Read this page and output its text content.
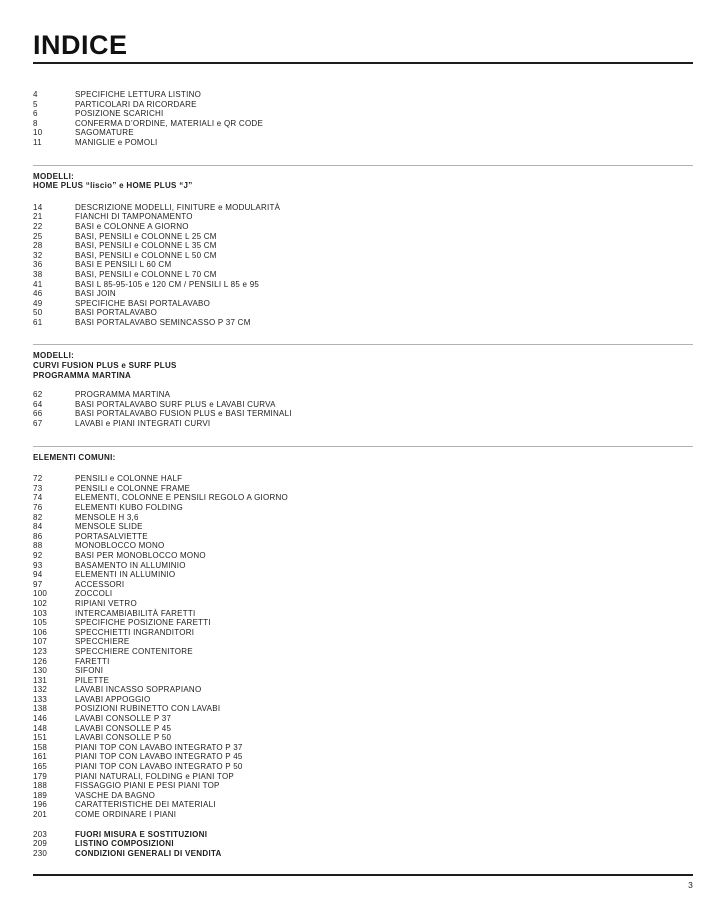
INDICE
4	SPECIFICHE LETTURA LISTINO
5	PARTICOLARI DA RICORDARE
6	POSIZIONE SCARICHI
8	CONFERMA D’ORDINE, MATERIALI e QR CODE
10	SAGOMATURE
11	MANIGLIE e POMOLI
MODELLI:
HOME PLUS “liscio” e HOME PLUS “J”
14	DESCRIZIONE MODELLI, FINITURE e MODULARITÀ
21	FIANCHI DI TAMPONAMENTO
22	BASI e COLONNE A GIORNO
25	BASI, PENSILI e COLONNE L 25 CM
28	BASI, PENSILI e COLONNE L 35 CM
32	BASI, PENSILI e COLONNE L 50 CM
36	BASI E PENSILI L 60 CM
38	BASI, PENSILI e COLONNE L 70 CM
41	BASI L 85-95-105 e 120 CM / PENSILI L 85 e 95
46	BASI JOIN
49	SPECIFICHE BASI PORTALAVABO
50	BASI PORTALAVABO
61	BASI PORTALAVABO SEMINCASSO P 37 CM
MODELLI:
CURVI FUSION PLUS e SURF PLUS
PROGRAMMA MARTINA
62	PROGRAMMA MARTINA
64	BASI PORTALAVABO SURF PLUS e LAVABI CURVA
66	BASI PORTALAVABO FUSION PLUS e BASI TERMINALI
67	LAVABI e PIANI INTEGRATI CURVI
ELEMENTI COMUNI:
72	PENSILI e COLONNE HALF
73	PENSILI e COLONNE FRAME
74	ELEMENTI, COLONNE E PENSILI REGOLO A GIORNO
76	ELEMENTI KUBO FOLDING
82	MENSOLE H 3,6
84	MENSOLE SLIDE
86	PORTASALVIETTE
88	MONOBLOCCO MONO
92	BASI PER MONOBLOCCO MONO
93	BASAMENTO IN ALLUMINIO
94	ELEMENTI IN ALLUMINIO
97	ACCESSORI
100	ZOCCOLI
102	RIPIANI VETRO
103	INTERCAMBIABILITÀ FARETTI
105	SPECIFICHE POSIZIONE FARETTI
106	SPECCHIETTI INGRANDITORI
107	SPECCHIERE
123	SPECCHIERE CONTENITORE
126	FARETTI
130	SIFONI
131	PILETTE
132	LAVABI INCASSO SOPRAPIANO
133	LAVABI APPOGGIO
138	POSIZIONI RUBINETTO CON LAVABI
146	LAVABI CONSOLLE P 37
148	LAVABI CONSOLLE P 45
151	LAVABI CONSOLLE P 50
158	PIANI TOP CON LAVABO INTEGRATO P 37
161	PIANI TOP CON LAVABO INTEGRATO P 45
165	PIANI TOP CON LAVABO INTEGRATO P 50
179	PIANI NATURALI, FOLDING e PIANI TOP
188	FISSAGGIO PIANI E PESI PIANI TOP
189	VASCHE DA BAGNO
196	CARATTERISTICHE DEI MATERIALI
201	COME ORDINARE I PIANI
203	FUORI MISURA E SOSTITUZIONI
209	LISTINO COMPOSIZIONI
230	CONDIZIONI GENERALI DI VENDITA
3
